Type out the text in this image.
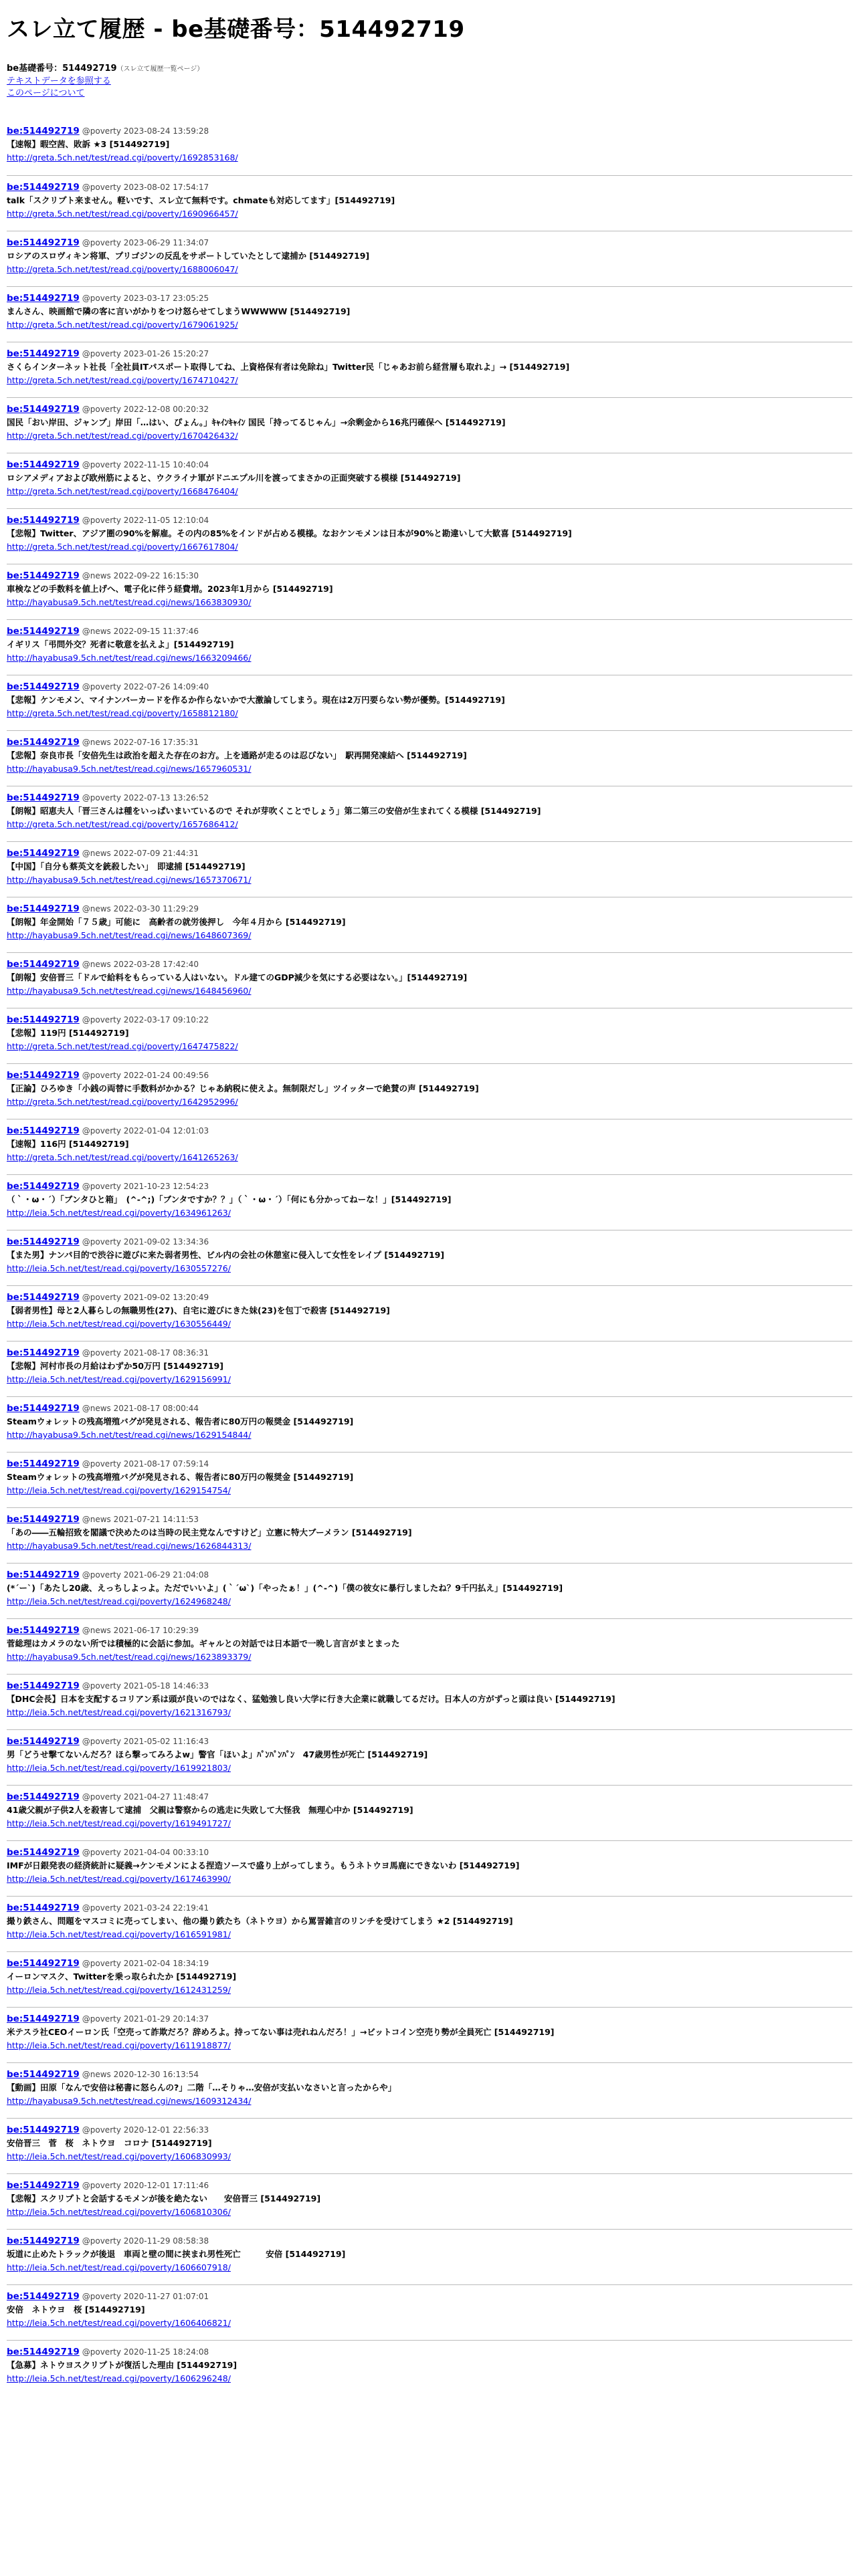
スレ立て履歴 - be基礎番号：514492719
be基礎番号：514492719（スレ立て履歴一覧ページ）
テキストデータを参照する
このページについて
be:514492719 @poverty 2023-08-24 13:59:28
【速報】暇空茜、敗訴 ★3 [514492719]
http://greta.5ch.net/test/read.cgi/poverty/1692853168/
be:514492719 @poverty 2023-08-02 17:54:17
talk「スクリプト来ません。軽いです、スレ立て無料です。chmateも対応してます」[514492719]
http://greta.5ch.net/test/read.cgi/poverty/1690966457/
be:514492719 @poverty 2023-06-29 11:34:07
ロシアのスロヴィキン将軍、プリゴジンの反乱をサポートしていたとして逮捕か [514492719]
http://greta.5ch.net/test/read.cgi/poverty/1688006047/
be:514492719 @poverty 2023-03-17 23:05:25
まんさん、映画館で隣の客に言いがかりをつけ怒らせてしまうWWWWW [514492719]
http://greta.5ch.net/test/read.cgi/poverty/1679061925/
be:514492719 @poverty 2023-01-26 15:20:27
さくらインターネット社長「全社員ITパスポート取得してね、上資格保有者は免除ね」Twitter民「じゃあお前ら経営層も取れよ」→ [514492719]
http://greta.5ch.net/test/read.cgi/poverty/1674710427/
be:514492719 @poverty 2022-12-08 00:20:32
国民「おい岸田、ジャンプ」岸田「…はい、ぴょん。」ｷｬｲﾝｷｬｲﾝ 国民「持ってるじゃん」→余剰金から16兆円確保へ [514492719]
http://greta.5ch.net/test/read.cgi/poverty/1670426432/
be:514492719 @poverty 2022-11-15 10:40:04
ロシアメディアおよび欧州筋によると、ウクライナ軍がドニエプル川を渡ってまさかの正面突破する模様 [514492719]
http://greta.5ch.net/test/read.cgi/poverty/1668476404/
be:514492719 @poverty 2022-11-05 12:10:04
【悲報】Twitter、アジア圏の90%を解雇。その内の85%をインドが占める模様。なおケンモメンは日本が90%と勘違いして大歓喜 [514492719]
http://greta.5ch.net/test/read.cgi/poverty/1667617804/
be:514492719 @news 2022-09-22 16:15:30
車検などの手数料を値上げへ、電子化に伴う経費増。2023年1月から [514492719]
http://hayabusa9.5ch.net/test/read.cgi/news/1663830930/
be:514492719 @news 2022-09-15 11:37:46
イギリス「弔問外交？死者に敬意を払えよ」[514492719]
http://hayabusa9.5ch.net/test/read.cgi/news/1663209466/
be:514492719 @poverty 2022-07-26 14:09:40
【悲報】ケンモメン、マイナンバーカードを作るか作らないかで大激論してしまう。現在は2万円要らない勢が優勢。[514492719]
http://greta.5ch.net/test/read.cgi/poverty/1658812180/
be:514492719 @news 2022-07-16 17:35:31
【悲報】奈良市長「安倍先生は政治を超えた存在のお方。上を通路が走るのは忍びない」　駅再開発凍結へ [514492719]
http://hayabusa9.5ch.net/test/read.cgi/news/1657960531/
be:514492719 @poverty 2022-07-13 13:26:52
【朗報】昭恵夫人「晋三さんは種をいっぱいまいているので それが芽吹くことでしょう」第二第三の安倍が生まれてくる模様 [514492719]
http://greta.5ch.net/test/read.cgi/poverty/1657686412/
be:514492719 @news 2022-07-09 21:44:31
【中国】「自分も蔡英文を銃殺したい」　即逮捕 [514492719]
http://hayabusa9.5ch.net/test/read.cgi/news/1657370671/
be:514492719 @news 2022-03-30 11:29:29
【朗報】年金開始「７５歳」可能に　高齢者の就労後押し　今年４月から [514492719]
http://hayabusa9.5ch.net/test/read.cgi/news/1648607369/
be:514492719 @news 2022-03-28 17:42:40
【朗報】安倍晋三「ドルで給料をもらっている人はいない。ドル建てのGDP減少を気にする必要はない。」[514492719]
http://hayabusa9.5ch.net/test/read.cgi/news/1648456960/
be:514492719 @poverty 2022-03-17 09:10:22
【悲報】119円 [514492719]
http://greta.5ch.net/test/read.cgi/poverty/1647475822/
be:514492719 @poverty 2022-01-24 00:49:56
【正論】ひろゆき「小銭の両替に手数料がかかる？じゃあ納税に使えよ。無制限だし」ツイッターで絶賛の声 [514492719]
http://greta.5ch.net/test/read.cgi/poverty/1642952996/
be:514492719 @poverty 2022-01-04 12:01:03
【速報】116円 [514492719]
http://greta.5ch.net/test/read.cgi/poverty/1641265263/
be:514492719 @poverty 2021-10-23 12:54:23
（｀・ω・´）「ブンタひと箱」　(^-^;)「ブンタですか？？」（｀・ω・´）「何にも分かってねーな！」[514492719]
http://leia.5ch.net/test/read.cgi/poverty/1634961263/
be:514492719 @poverty 2021-09-02 13:34:36
【また男】ナンパ目的で渋谷に遊びに来た弱者男性、ビル内の会社の休憩室に侵入して女性をレイプ [514492719]
http://leia.5ch.net/test/read.cgi/poverty/1630557276/
be:514492719 @poverty 2021-09-02 13:20:49
【弱者男性】母と2人暮らしの無職男性(27)、自宅に遊びにきた妹(23)を包丁で殺害 [514492719]
http://leia.5ch.net/test/read.cgi/poverty/1630556449/
be:514492719 @poverty 2021-08-17 08:36:31
【悲報】河村市長の月給はわずか50万円 [514492719]
http://leia.5ch.net/test/read.cgi/poverty/1629156991/
be:514492719 @news 2021-08-17 08:00:44
Steamウォレットの残高増殖バグが発見される、報告者に80万円の報奨金 [514492719]
http://hayabusa9.5ch.net/test/read.cgi/news/1629154844/
be:514492719 @poverty 2021-08-17 07:59:14
Steamウォレットの残高増殖バグが発見される、報告者に80万円の報奨金 [514492719]
http://leia.5ch.net/test/read.cgi/poverty/1629154754/
be:514492719 @news 2021-07-21 14:11:53
「あの――五輪招致を閣議で決めたのは当時の民主党なんですけど」立憲に特大ブーメラン [514492719]
http://hayabusa9.5ch.net/test/read.cgi/news/1626844313/
be:514492719 @poverty 2021-06-29 21:04:08
(*´ー`)「あたし20歳、えっちしよっよ。ただでいいよ」(｀´ω`)「やったぁ！」(^-^)「僕の彼女に暴行しましたね？9千円払え」[514492719]
http://leia.5ch.net/test/read.cgi/poverty/1624968248/
be:514492719 @news 2021-06-17 10:29:39
菅総理はカメラのない所では積極的に会話に参加。ギャルとの対話では日本語で一晩し言言がまとまった
http://hayabusa9.5ch.net/test/read.cgi/news/1623893379/
be:514492719 @poverty 2021-05-18 14:46:33
【DHC会長】日本を支配するコリアン系は頭が良いのではなく、猛勉強し良い大学に行き大企業に就職してるだけ。日本人の方がずっと頭は良い [514492719]
http://leia.5ch.net/test/read.cgi/poverty/1621316793/
be:514492719 @poverty 2021-05-02 11:16:43
男「どうせ撃てないんだろ？ほら撃ってみろよw」警官「ほいよ」ﾊﾟﾝﾊﾟﾝﾊﾟﾝ　47歳男性が死亡 [514492719]
http://leia.5ch.net/test/read.cgi/poverty/1619921803/
be:514492719 @poverty 2021-04-27 11:48:47
41歳父親が子供2人を殺害して逮捕　父親は警察からの逃走に失敗して大怪我　無理心中か [514492719]
http://leia.5ch.net/test/read.cgi/poverty/1619491727/
be:514492719 @poverty 2021-04-04 00:33:10
IMFが日銀発表の経済統計に疑義→ケンモメンによる捏造ソースで盛り上がってしまう。もうネトウヨ馬鹿にできないわ [514492719]
http://leia.5ch.net/test/read.cgi/poverty/1617463990/
be:514492719 @poverty 2021-03-24 22:19:41
撮り鉄さん、問題をマスコミに売ってしまい、他の撮り鉄たち（ネトウヨ）から罵詈雑言のリンチを受けてしまう ★2 [514492719]
http://leia.5ch.net/test/read.cgi/poverty/1616591981/
be:514492719 @poverty 2021-02-04 18:34:19
イーロンマスク、Twitterを乗っ取られたか [514492719]
http://leia.5ch.net/test/read.cgi/poverty/1612431259/
be:514492719 @poverty 2021-01-29 20:14:37
米テスラ社CEOイーロン氏「空売って詐欺だろ？辞めろよ。持ってない事は売れねんだろ！」→ビットコイン空売り勢が全員死亡 [514492719]
http://leia.5ch.net/test/read.cgi/poverty/1611918877/
be:514492719 @news 2020-12-30 16:13:54
【動画】田原「なんで安倍は秘書に怒らんの?」二階「…そりゃ…安倍が支払いなさいと言ったからや」
http://hayabusa9.5ch.net/test/read.cgi/news/1609312434/
be:514492719 @poverty 2020-12-01 22:56:33
安倍晋三　菅　桜　ネトウヨ　コロナ [514492719]
http://leia.5ch.net/test/read.cgi/poverty/1606830993/
be:514492719 @poverty 2020-12-01 17:11:46
【悲報】スクリプトと会話するモメンが後を絶たない　　安倍晋三 [514492719]
http://leia.5ch.net/test/read.cgi/poverty/1606810306/
be:514492719 @poverty 2020-11-29 08:58:38
坂道に止めたトラックが後退　車両と壁の間に挟まれ男性死亡　　　安倍 [514492719]
http://leia.5ch.net/test/read.cgi/poverty/1606607918/
be:514492719 @poverty 2020-11-27 01:07:01
安倍　ネトウヨ　桜 [514492719]
http://leia.5ch.net/test/read.cgi/poverty/1606406821/
be:514492719 @poverty 2020-11-25 18:24:08
【急募】ネトウヨスクリプトが復活した理由 [514492719]
http://leia.5ch.net/test/read.cgi/poverty/1606296248/
